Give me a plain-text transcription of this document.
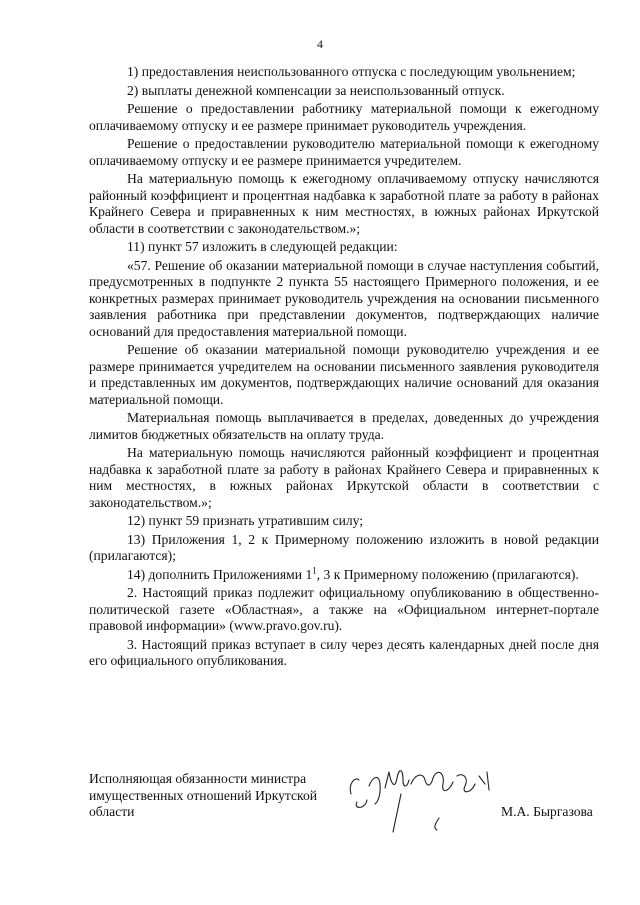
4

1) предоставления неиспользованного отпуска с последующим увольнением;

2) выплаты денежной компенсации за неиспользованный отпуск.

Решение о предоставлении работнику материальной помощи к ежегодному оплачиваемому отпуску и ее размере принимает руководитель учреждения.

Решение о предоставлении руководителю материальной помощи к ежегодному оплачиваемому отпуску и ее размере принимается учредителем.

На материальную помощь к ежегодному оплачиваемому отпуску начисляются районный коэффициент и процентная надбавка к заработной плате за работу в районах Крайнего Севера и приравненных к ним местностях, в южных районах Иркутской области в соответствии с законодательством.»;

11) пункт 57 изложить в следующей редакции:

«57. Решение об оказании материальной помощи в случае наступления событий, предусмотренных в подпункте 2 пункта 55 настоящего Примерного положения, и ее конкретных размерах принимает руководитель учреждения на основании письменного заявления работника при представлении документов, подтверждающих наличие оснований для предоставления материальной помощи.

Решение об оказании материальной помощи руководителю учреждения и ее размере принимается учредителем на основании письменного заявления руководителя и представленных им документов, подтверждающих наличие оснований для оказания материальной помощи.

Материальная помощь выплачивается в пределах, доведенных до учреждения лимитов бюджетных обязательств на оплату труда.

На материальную помощь начисляются районный коэффициент и процентная надбавка к заработной плате за работу в районах Крайнего Севера и приравненных к ним местностях, в южных районах Иркутской области в соответствии с законодательством.»;

12) пункт 59 признать утратившим силу;

13) Приложения 1, 2 к Примерному положению изложить в новой редакции (прилагаются);

14) дополнить Приложениями $1^1$, 3 к Примерному положению (прилагаются).

2. Настоящий приказ подлежит официальному опубликованию в общественно-политической газете «Областная», а также на «Официальном интернет-портале правовой информации» (www.pravo.gov.ru).

3. Настоящий приказ вступает в силу через десять календарных дней после дня его официального опубликования.

Исполняющая обязанности министра
имущественных отношений Иркутской
области	М.А. Быргазова
